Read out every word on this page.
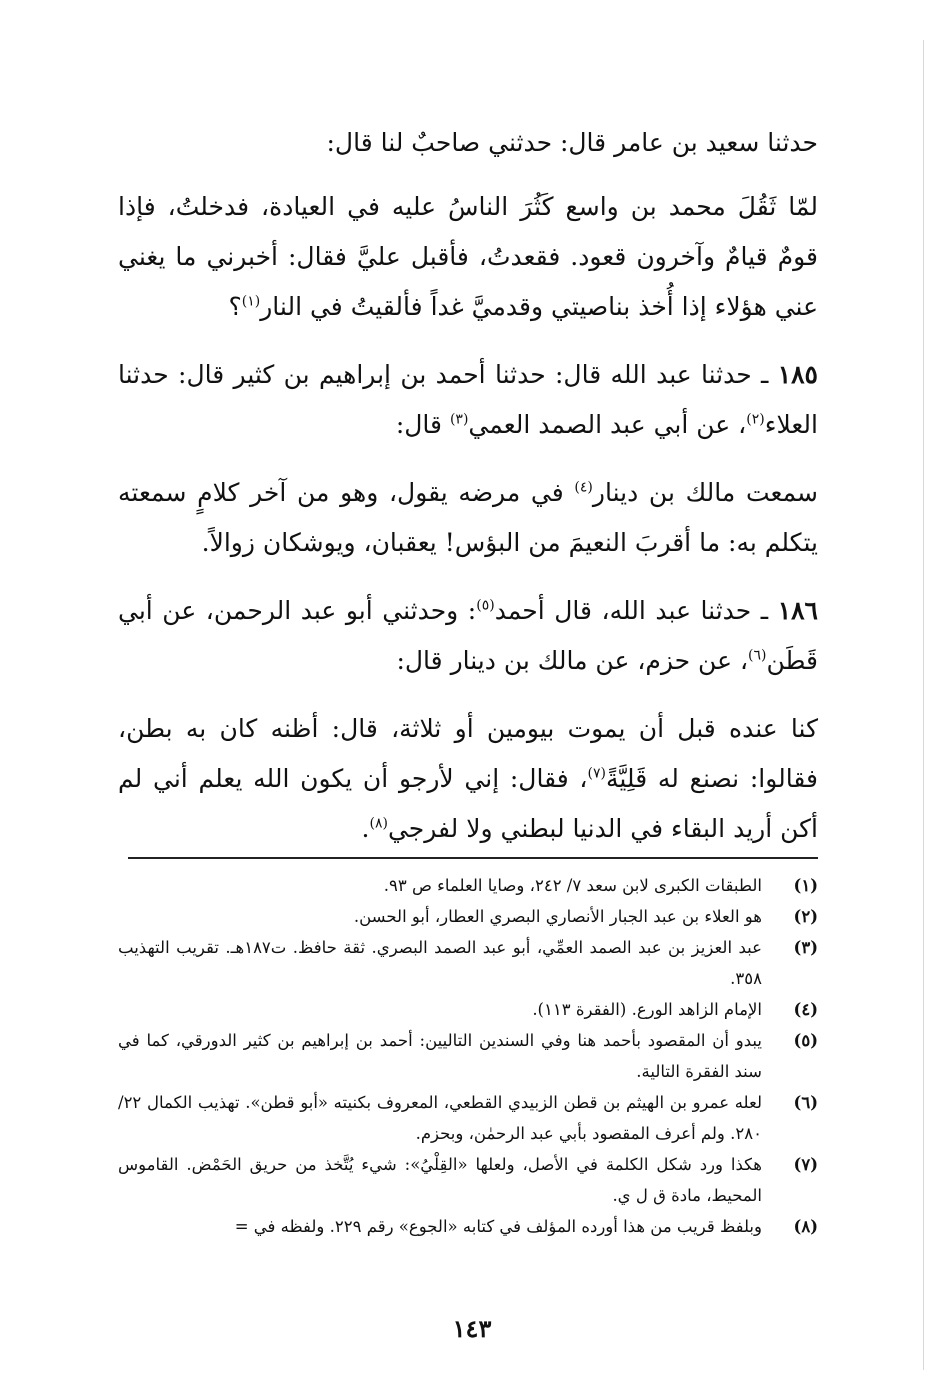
حدثنا سعيد بن عامر قال: حدثني صاحبٌ لنا قال:

لمّا ثَقُلَ محمد بن واسع كَثُرَ الناسُ عليه في العيادة، فدخلتُ، فإذا قومٌ قيامٌ وآخرون قعود. فقعدتُ، فأقبل عليَّ فقال: أخبرني ما يغني عني هؤلاء إذا أُخذ بناصيتي وقدميَّ غداً فألقيتُ في النار$^{(١)}$؟

١٨٥ ـ حدثنا عبد الله قال: حدثنا أحمد بن إبراهيم بن كثير قال: حدثنا العلاء$^{(٢)}$، عن أبي عبد الصمد العمي$^{(٣)}$ قال:

سمعت مالك بن دينار$^{(٤)}$ في مرضه يقول، وهو من آخر كلامٍ سمعته يتكلم به: ما أقربَ النعيمَ من البؤس! يعقبان، ويوشكان زوالاً.

١٨٦ ـ حدثنا عبد الله، قال أحمد$^{(٥)}$: وحدثني أبو عبد الرحمن، عن أبي قَطَن$^{(٦)}$، عن حزم، عن مالك بن دينار قال:

كنا عنده قبل أن يموت بيومين أو ثلاثة، قال: أظنه كان به بطن، فقالوا: نصنع له قَلِيَّةً$^{(٧)}$، فقال: إني لأرجو أن يكون الله يعلم أني لم أكن أريد البقاء في الدنيا لبطني ولا لفرجي$^{(٨)}$.

(١)
الطبقات الكبرى لابن سعد ٧/ ٢٤٢، وصايا العلماء ص ٩٣.
(٢)
هو العلاء بن عبد الجبار الأنصاري البصري العطار، أبو الحسن.
(٣)
عبد العزيز بن عبد الصمد العمِّي، أبو عبد الصمد البصري. ثقة حافظ. ت١٨٧هـ. تقريب التهذيب ٣٥٨.
(٤)
الإمام الزاهد الورع. (الفقرة ١١٣).
(٥)
يبدو أن المقصود بأحمد هنا وفي السندين التاليين: أحمد بن إبراهيم بن كثير الدورقي، كما في سند الفقرة التالية.
(٦)
لعله عمرو بن الهيثم بن قطن الزبيدي القطعي، المعروف بكنيته «أبو قطن». تهذيب الكمال ٢٢/ ٢٨٠. ولم أعرف المقصود بأبي عبد الرحمٰن، وبحزم.
(٧)
هكذا ورد شكل الكلمة في الأصل، ولعلها «القِلْيُ»: شيء يُتَّخذ من حريق الحَمْض. القاموس المحيط، مادة ق ل ي.
(٨)
وبلفظ قريب من هذا أورده المؤلف في كتابه «الجوع» رقم ٢٢٩. ولفظه في =
١٤٣
